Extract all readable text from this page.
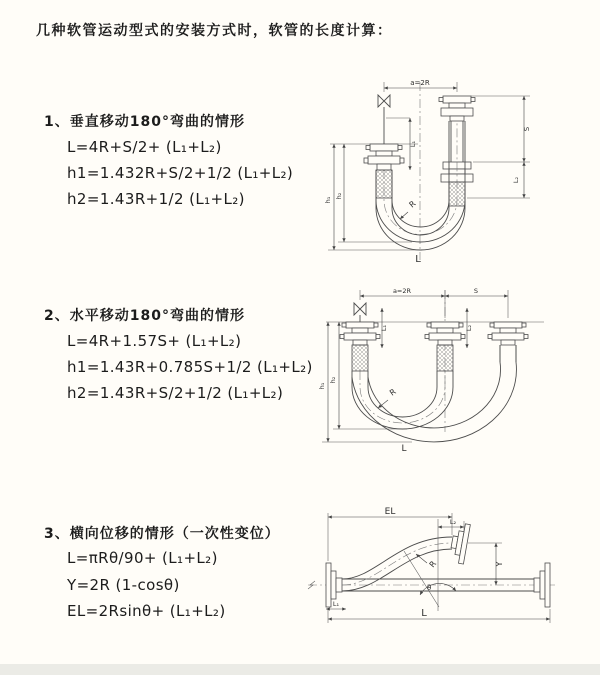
几种软管运动型式的安装方式时，软管的长度计算：
1、垂直移动180°弯曲的情形
L=4R+S/2+ (L₁+L₂)
h1=1.432R+S/2+1/2 (L₁+L₂)
h2=1.43R+1/2 (L₁+L₂)
a=2R
S
L₂
L₁
h₁
h₂
R
L
2、水平移动180°弯曲的情形
L=4R+1.57S+ (L₁+L₂)
h1=1.43R+0.785S+1/2 (L₁+L₂)
h2=1.43R+S/2+1/2 (L₁+L₂)
a=2R	S
L₁	L₂
h₁
h₂
R
L
3、横向位移的情形（一次性变位）
L=πRθ/90+ (L₁+L₂)
Y=2R (1-cosθ)
EL=2Rsinθ+ (L₁+L₂)
EL
L₂
Y
L
L₁
R
θ
